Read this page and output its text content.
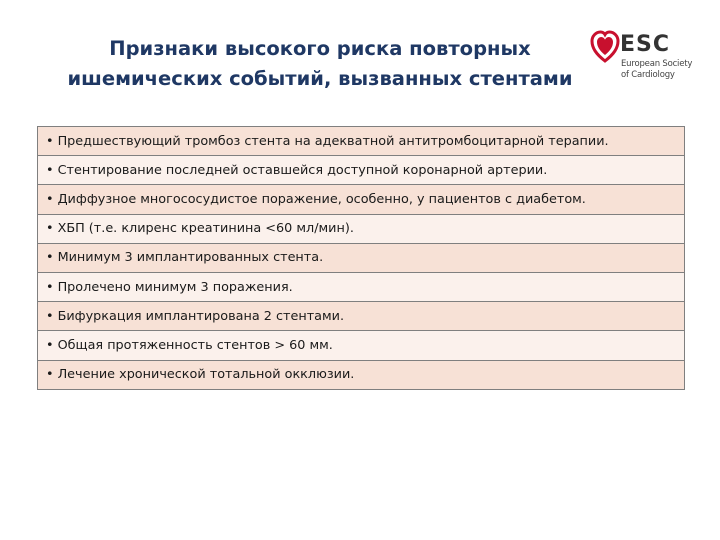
Признаки высокого риска повторных
ишемических событий, вызванных стентами
ESC
European Society
of Cardiology
• Предшествующий тромбоз стента на адекватной антитромбоцитарной терапии.
• Стентирование последней оставшейся доступной коронарной артерии.
• Диффузное многососудистое поражение, особенно, у пациентов с диабетом.
• ХБП (т.е. клиренс креатинина <60 мл/мин).
• Минимум 3 имплантированных стента.
• Пролечено минимум 3 поражения.
• Бифуркация имплантирована 2 стентами.
• Общая протяженность стентов > 60 мм.
• Лечение хронической тотальной окклюзии.
